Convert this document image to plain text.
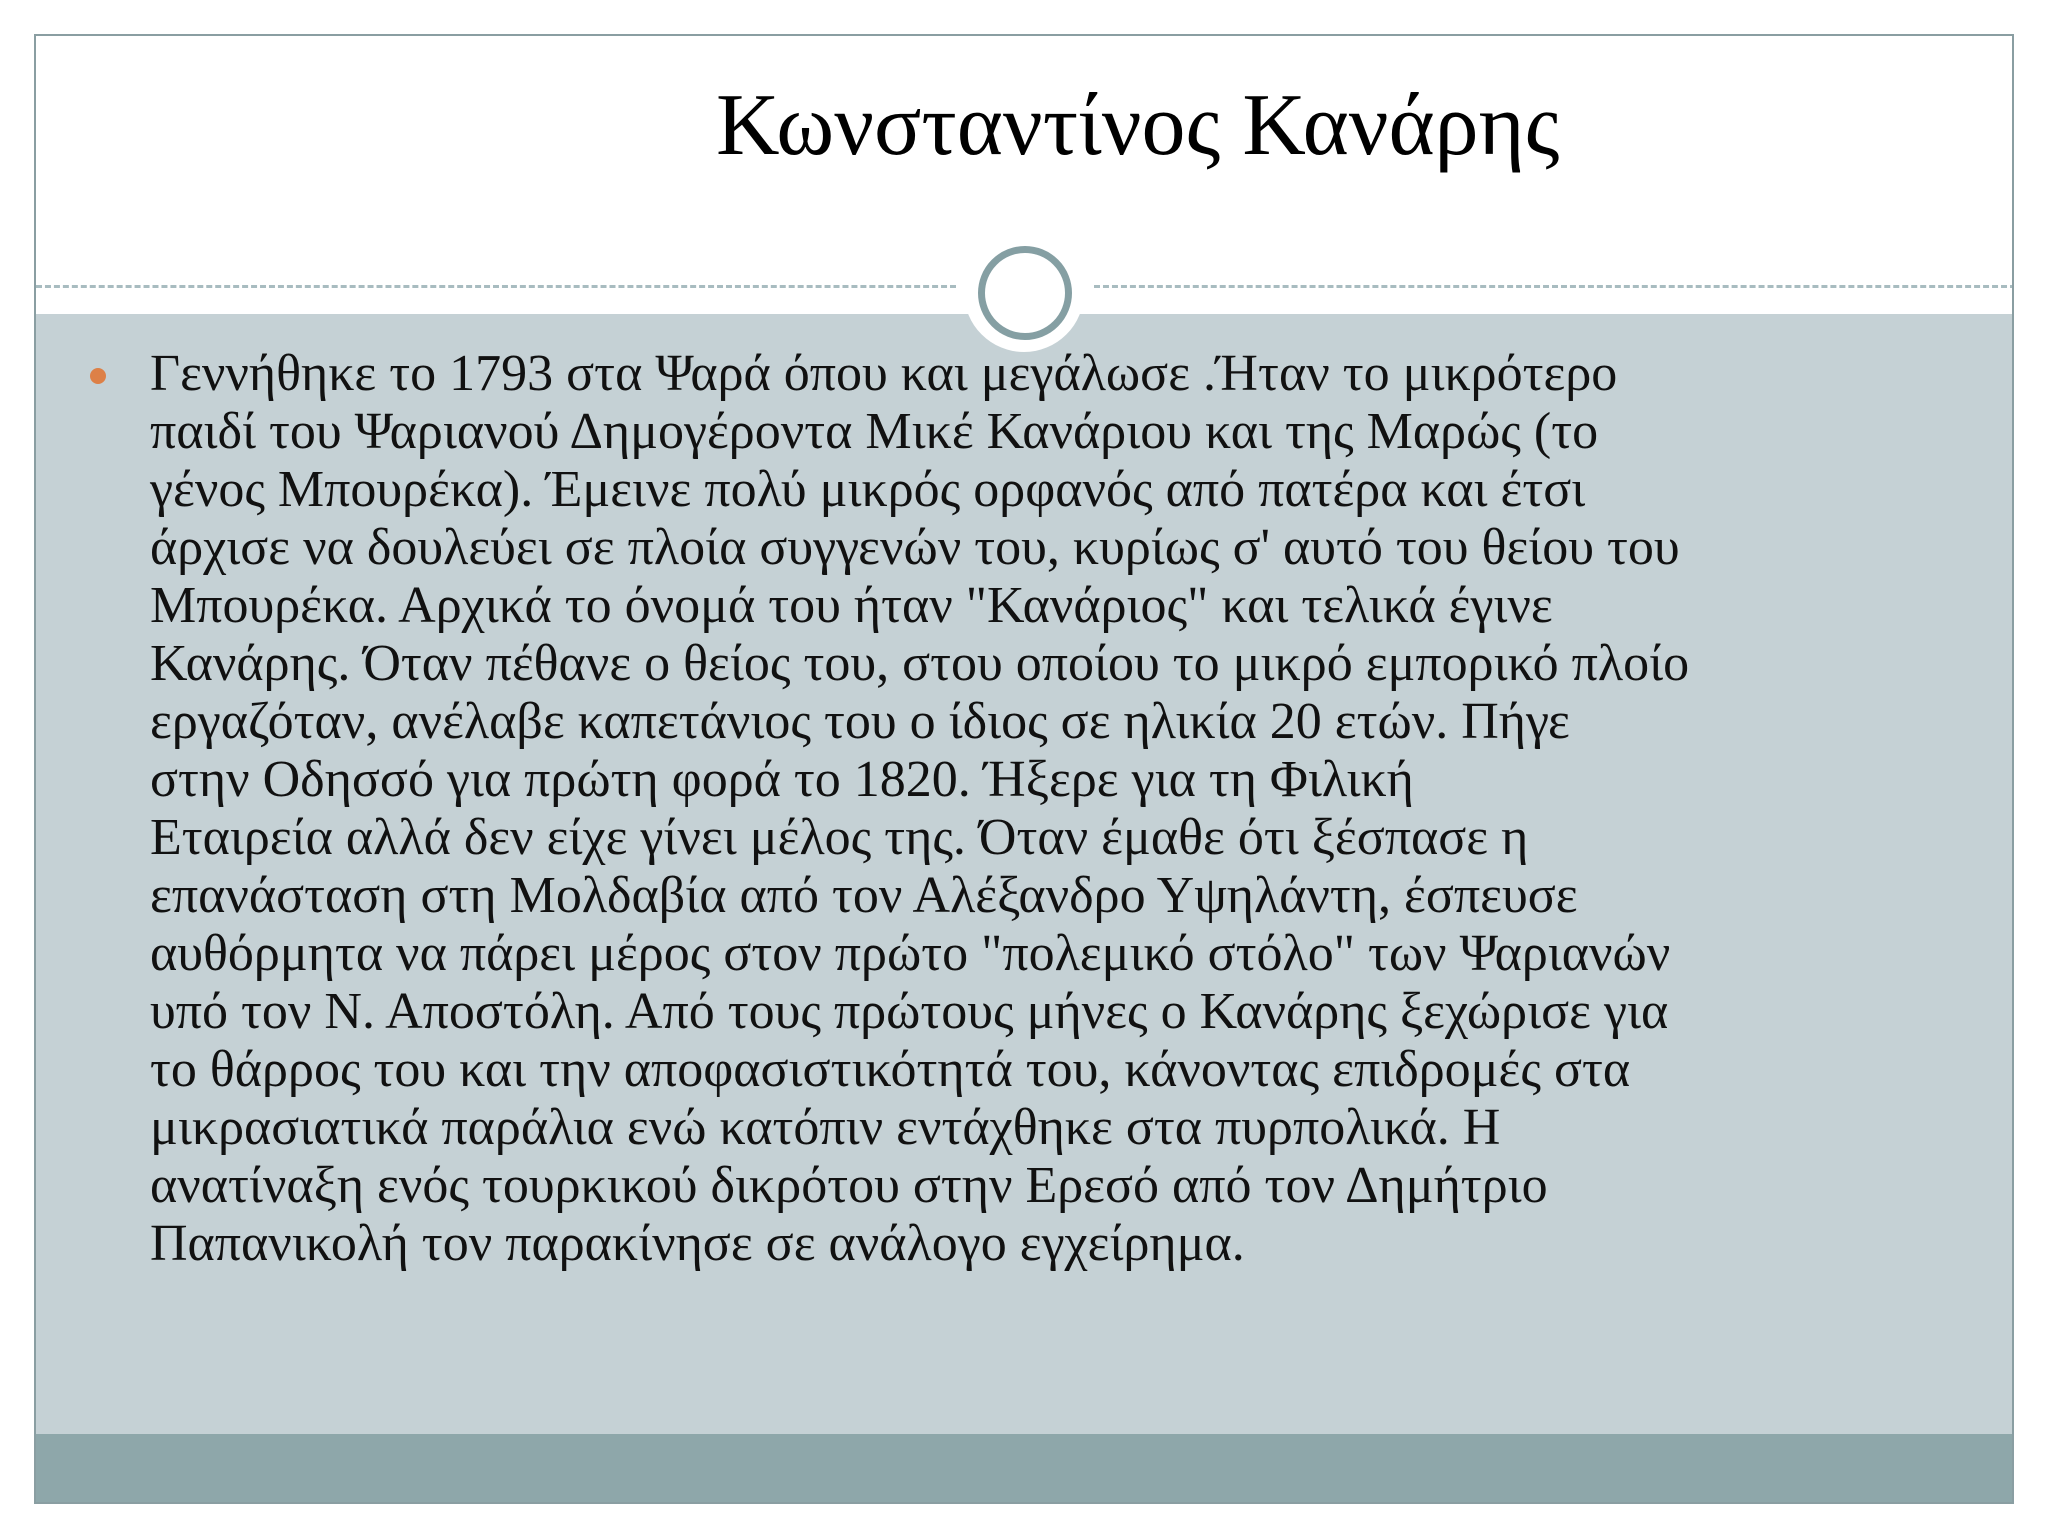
Κωνσταντίνος Κανάρης
Γεννήθηκε το 1793 στα Ψαρά όπου και μεγάλωσε .Ήταν το μικρότερο
παιδί του Ψαριανού Δημογέροντα Μικέ Κανάριου και της Μαρώς (το
γένος Μπουρέκα). Έμεινε πολύ μικρός ορφανός από πατέρα και έτσι
άρχισε να δουλεύει σε πλοία συγγενών του, κυρίως σ' αυτό του θείου του
Μπουρέκα. Αρχικά το όνομά του ήταν "Κανάριος" και τελικά έγινε
Κανάρης. Όταν πέθανε ο θείος του, στου οποίου το μικρό εμπορικό πλοίο
εργαζόταν, ανέλαβε καπετάνιος του ο ίδιος σε ηλικία 20 ετών. Πήγε
στην Οδησσό για πρώτη φορά το 1820. Ήξερε για τη Φιλική
Εταιρεία αλλά δεν είχε γίνει μέλος της. Όταν έμαθε ότι ξέσπασε η
επανάσταση στη Μολδαβία από τον Αλέξανδρο Υψηλάντη, έσπευσε
αυθόρμητα να πάρει μέρος στον πρώτο "πολεμικό στόλο" των Ψαριανών
υπό τον Ν. Αποστόλη. Από τους πρώτους μήνες ο Κανάρης ξεχώρισε για
το θάρρος του και την αποφασιστικότητά του, κάνοντας επιδρομές στα
μικρασιατικά παράλια ενώ κατόπιν εντάχθηκε στα πυρπολικά. Η
ανατίναξη ενός τουρκικού δικρότου στην Ερεσό από τον Δημήτριο
Παπανικολή τον παρακίνησε σε ανάλογο εγχείρημα.
